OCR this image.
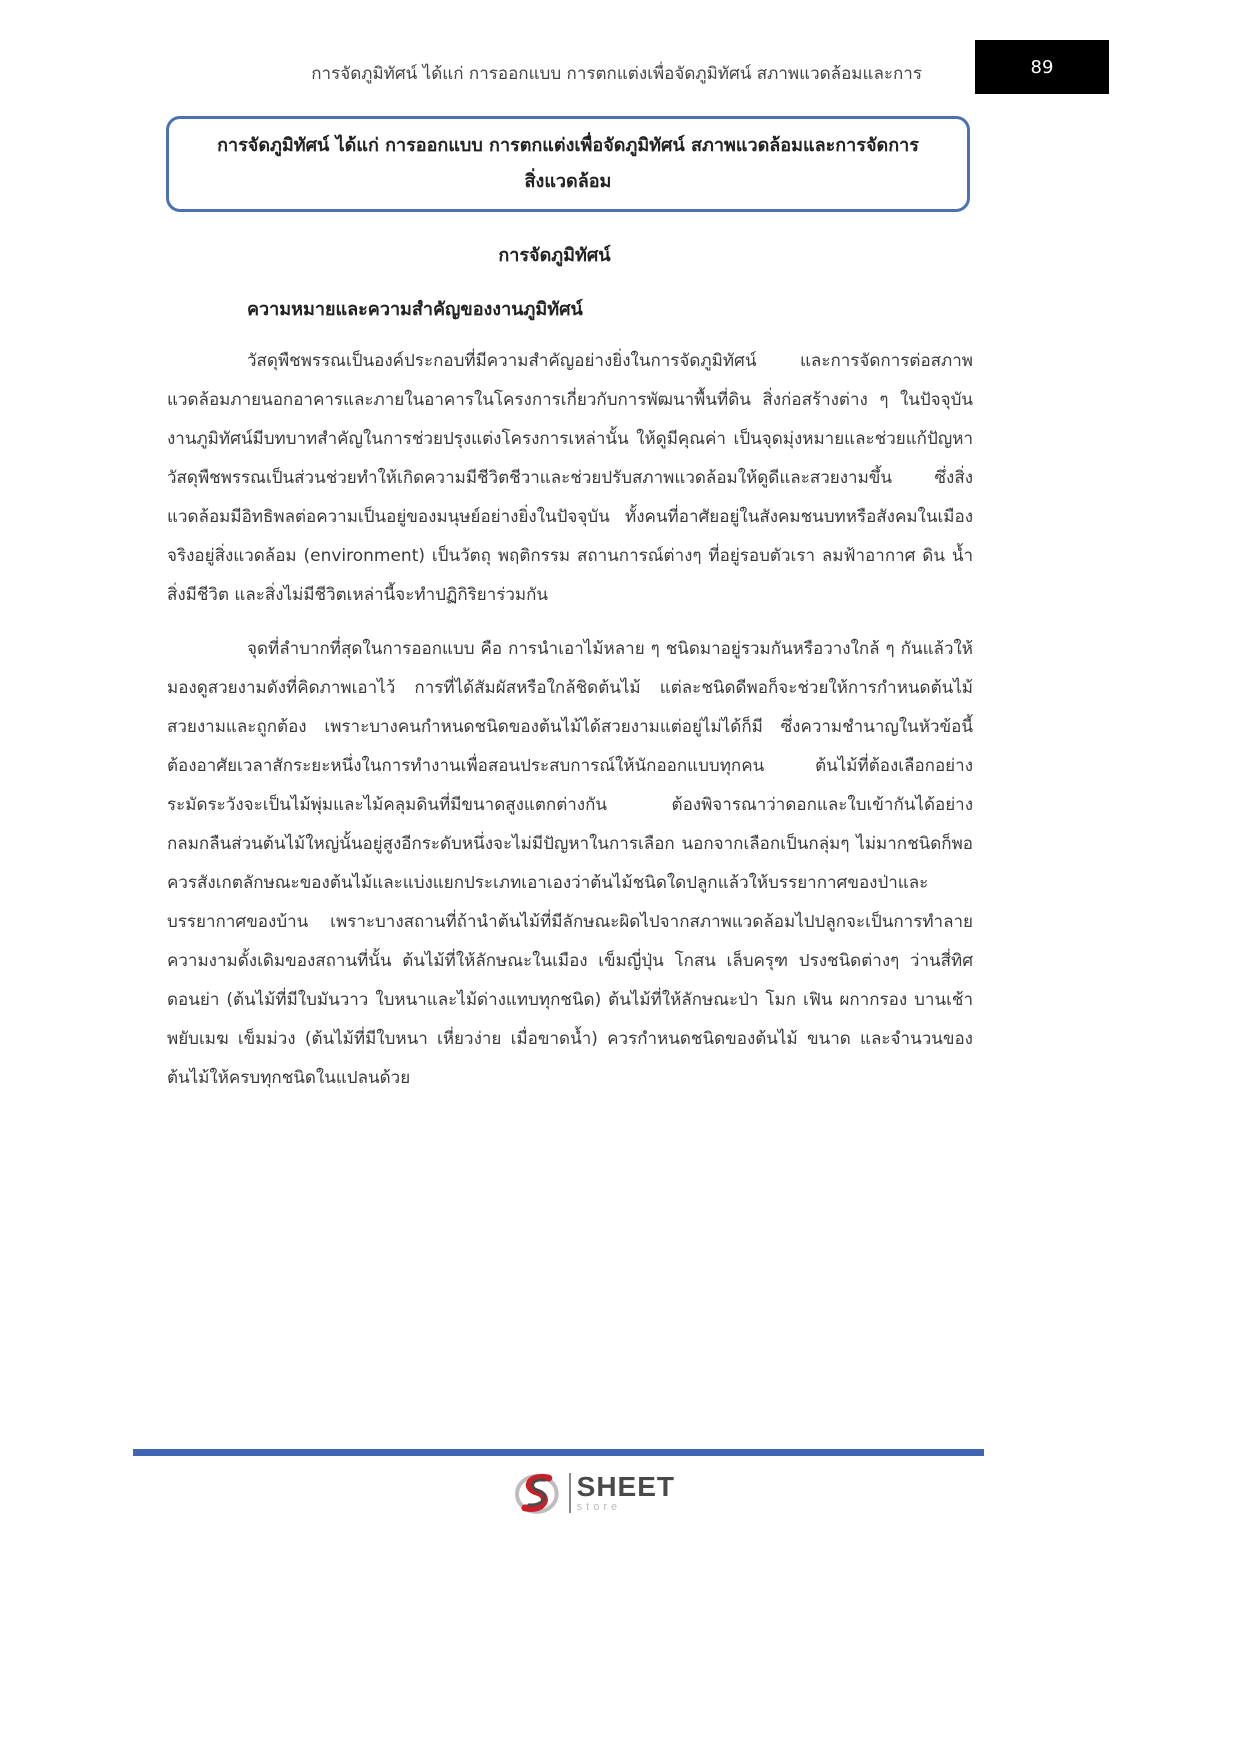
การจัดภูมิทัศน์ ได้แก่ การออกแบบ การตกแต่งเพื่อจัดภูมิทัศน์ สภาพแวดล้อมและการ	89
การจัดภูมิทัศน์ ได้แก่ การออกแบบ การตกแต่งเพื่อจัดภูมิทัศน์ สภาพแวดล้อมและการจัดการ
สิ่งแวดล้อม
การจัดภูมิทัศน์
ความหมายและความสำคัญของงานภูมิทัศน์

วัสดุพืชพรรณเป็นองค์ประกอบที่มีความสำคัญอย่างยิ่งในการจัดภูมิทัศน์ และการจัดการต่อสภาพแวดล้อมภายนอกอาคารและภายในอาคารในโครงการเกี่ยวกับการพัฒนาพื้นที่ดิน สิ่งก่อสร้างต่าง ๆ ในปัจจุบันงานภูมิทัศน์มีบทบาทสำคัญในการช่วยปรุงแต่งโครงการเหล่านั้น ให้ดูมีคุณค่า เป็นจุดมุ่งหมายและช่วยแก้ปัญหา วัสดุพืชพรรณเป็นส่วนช่วยทำให้เกิดความมีชีวิตชีวาและช่วยปรับสภาพแวดล้อมให้ดูดีและสวยงามขึ้น ซึ่งสิ่งแวดล้อมมีอิทธิพลต่อความเป็นอยู่ของมนุษย์อย่างยิ่งในปัจจุบัน ทั้งคนที่อาศัยอยู่ในสังคมชนบทหรือสังคมในเมืองจริงอยู่สิ่งแวดล้อม (environment) เป็นวัตถุ พฤติกรรม สถานการณ์ต่างๆ ที่อยู่รอบตัวเรา ลมฟ้าอากาศ ดิน น้ำ สิ่งมีชีวิต และสิ่งไม่มีชีวิตเหล่านี้จะทำปฏิกิริยาร่วมกัน

จุดที่ลำบากที่สุดในการออกแบบ คือ การนำเอาไม้หลาย ๆ ชนิดมาอยู่รวมกันหรือวางใกล้ ๆ กันแล้วให้มองดูสวยงามดังที่คิดภาพเอาไว้ การที่ได้สัมผัสหรือใกล้ชิดต้นไม้ แต่ละชนิดดีพอก็จะช่วยให้การกำหนดต้นไม้สวยงามและถูกต้อง เพราะบางคนกำหนดชนิดของต้นไม้ได้สวยงามแต่อยู่ไม่ได้ก็มี ซึ่งความชำนาญในหัวข้อนี้ต้องอาศัยเวลาสักระยะหนึ่งในการทำงานเพื่อสอนประสบการณ์ให้นักออกแบบทุกคน ต้นไม้ที่ต้องเลือกอย่างระมัดระวังจะเป็นไม้พุ่มและไม้คลุมดินที่มีขนาดสูงแตกต่างกัน ต้องพิจารณาว่าดอกและใบเข้ากันได้อย่างกลมกลืนส่วนต้นไม้ใหญ่นั้นอยู่สูงอีกระดับหนึ่งจะไม่มีปัญหาในการเลือก นอกจากเลือกเป็นกลุ่มๆ ไม่มากชนิดก็พอ ควรสังเกตลักษณะของต้นไม้และแบ่งแยกประเภทเอาเองว่าต้นไม้ชนิดใดปลูกแล้วให้บรรยากาศของป่าและบรรยากาศของบ้าน เพราะบางสถานที่ถ้านำต้นไม้ที่มีลักษณะผิดไปจากสภาพแวดล้อมไปปลูกจะเป็นการทำลายความงามดั้งเดิมของสถานที่นั้น ต้นไม้ที่ให้ลักษณะในเมือง เข็มญี่ปุ่น โกสน เล็บครุฑ ปรงชนิดต่างๆ ว่านสี่ทิศ ดอนย่า (ต้นไม้ที่มีใบมันวาว ใบหนาและไม้ด่างแทบทุกชนิด) ต้นไม้ที่ให้ลักษณะป่า โมก เฟิน ผกากรอง บานเช้า พยับเมฆ เข็มม่วง (ต้นไม้ที่มีใบหนา เหี่ยวง่าย เมื่อขาดน้ำ) ควรกำหนดชนิดของต้นไม้ ขนาด และจำนวนของต้นไม้ให้ครบทุกชนิดในแปลนด้วย

SHEET
store
